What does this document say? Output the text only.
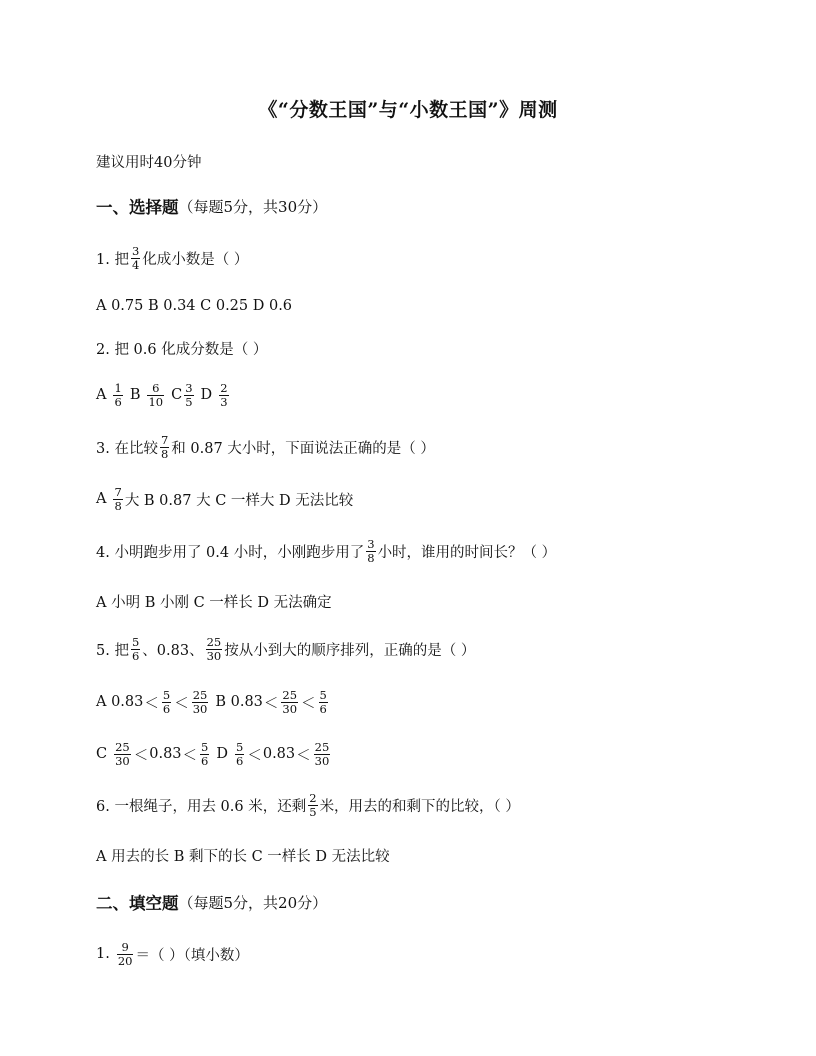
《“分数王国”与“小数王国”》周测
建议用时40分钟
一、选择题 （每题5分，共30分）
1. 把 $\frac{3}{4}$ 化成小数是（ ）
A 0.75 B 0.34 C 0.25 D 0.6
2. 把 0.6 化成分数是（ ）
A $\frac{1}{6}$ B $\frac{6}{10}$ C $\frac{3}{5}$ D $\frac{2}{3}$
3. 在比较 $\frac{7}{8}$ 和 0.87 大小时，下面说法正确的是（ ）
A $\frac{7}{8}$ 大 B 0.87 大 C 一样大 D 无法比较
4. 小明跑步用了 0.4 小时，小刚跑步用了 $\frac{3}{8}$ 小时，谁用的时间长？（ ）
A 小明 B 小刚 C 一样长 D 无法确定
5. 把 $\frac{5}{6}$ 、0.83、 $\frac{25}{30}$ 按从小到大的顺序排列，正确的是（ ）
A $0.83 < \frac{5}{6} < \frac{25}{30}$ B $0.83 < \frac{25}{30} < \frac{5}{6}$
C $\frac{25}{30} < 0.83 < \frac{5}{6}$ D $\frac{5}{6} < 0.83 < \frac{25}{30}$
6. 一根绳子，用去 0.6 米，还剩 $\frac{2}{5}$ 米，用去的和剩下的比较，（ ）
A 用去的长 B 剩下的长 C 一样长 D 无法比较
二、填空题 （每题5分，共20分）
1. $\frac{9}{20}$ ＝（ ）（填小数）
